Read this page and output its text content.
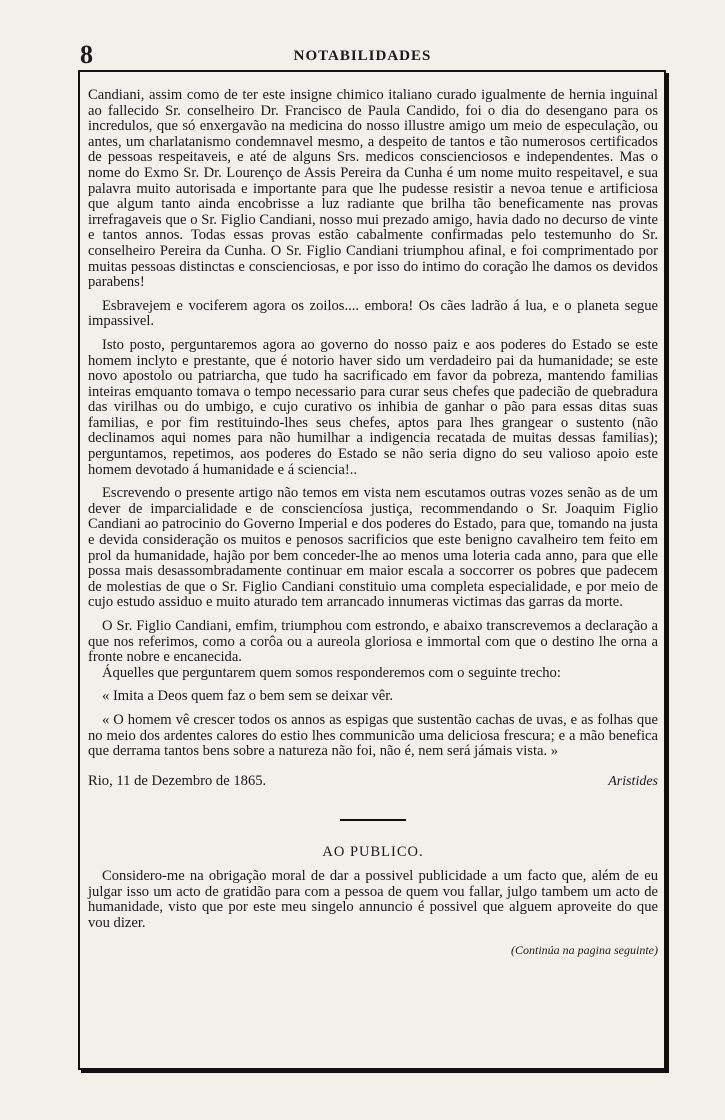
8	NOTABILIDADES

Candiani, assim como de ter este insigne chimico italiano curado igualmente de hernia inguinal ao fallecido Sr. conselheiro Dr. Francisco de Paula Candido, foi o dia do desengano para os incredulos, que só enxergavão na medicina do nosso illustre amigo um meio de especulação, ou antes, um charlatanismo condemnavel mesmo, a despeito de tantos e tão numerosos certificados de pessoas respeitaveis, e até de alguns Srs. medicos conscienciosos e independentes. Mas o nome do Exmo Sr. Dr. Lourenço de Assis Pereira da Cunha é um nome muito respeitavel, e sua palavra muito autorisada e importante para que lhe pudesse resistir a nevoa tenue e artificiosa que algum tanto ainda encobrisse a luz radiante que brilha tão beneficamente nas provas irrefragaveis que o Sr. Figlio Candiani, nosso mui prezado amigo, havia dado no decurso de vinte e tantos annos. Todas essas provas estão cabalmente confirmadas pelo testemunho do Sr. conselheiro Pereira da Cunha. O Sr. Figlio Candiani triumphou afinal, e foi comprimentado por muitas pessoas distinctas e conscienciosas, e por isso do intimo do coração lhe damos os devidos parabens!

Esbravejem e vociferem agora os zoilos.... embora! Os cães ladrão á lua, e o planeta segue impassivel.

Isto posto, perguntaremos agora ao governo do nosso paiz e aos poderes do Estado se este homem inclyto e prestante, que é notorio haver sido um verdadeiro pai da humanidade; se este novo apostolo ou patriarcha, que tudo ha sacrificado em favor da pobreza, mantendo familias inteiras emquanto tomava o tempo necessario para curar seus chefes que padecião de quebradura das virilhas ou do umbigo, e cujo curativo os inhibia de ganhar o pão para essas ditas suas familias, e por fim restituindo-lhes seus chefes, aptos para lhes grangear o sustento (não declinamos aqui nomes para não humilhar a indigencia recatada de muitas dessas familias); perguntamos, repetimos, aos poderes do Estado se não seria digno do seu valioso apoio este homem devotado á humanidade e á sciencia!..

Escrevendo o presente artigo não temos em vista nem escutamos outras vozes senão as de um dever de imparcialidade e de consciencíosa justiça, recommendando o Sr. Joaquim Figlio Candiani ao patrocinio do Governo Imperial e dos poderes do Estado, para que, tomando na justa e devida consideração os muitos e penosos sacrificios que este benigno cavalheiro tem feito em prol da humanidade, hajão por bem conceder-lhe ao menos uma loteria cada anno, para que elle possa mais desassombradamente continuar em maior escala a soccorrer os pobres que padecem de molestias de que o Sr. Figlio Candiani constituio uma completa especialidade, e por meio de cujo estudo assiduo e muito aturado tem arrancado innumeras victimas das garras da morte.

O Sr. Figlio Candiani, emfim, triumphou com estrondo, e abaixo transcrevemos a declaração a que nos referimos, como a corôa ou a aureola gloriosa e immortal com que o destino lhe orna a fronte nobre e encanecida.

Áquelles que perguntarem quem somos responderemos com o seguinte trecho:

« Imita a Deos quem faz o bem sem se deixar vêr.

« O homem vê crescer todos os annos as espigas que sustentão cachas de uvas, e as folhas que no meio dos ardentes calores do estio lhes communicão uma deliciosa frescura; e a mão benefica que derrama tantos bens sobre a natureza não foi, não é, nem será jámais vista. »

Rio, 11 de Dezembro de 1865.	Aristides
AO PUBLICO.

Considero-me na obrigação moral de dar a possivel publicidade a um facto que, além de eu julgar isso um acto de gratidão para com a pessoa de quem vou fallar, julgo tambem um acto de humanidade, visto que por este meu singelo annuncio é possivel que alguem aproveite do que vou dizer.

(Continúa na pagina seguinte)
